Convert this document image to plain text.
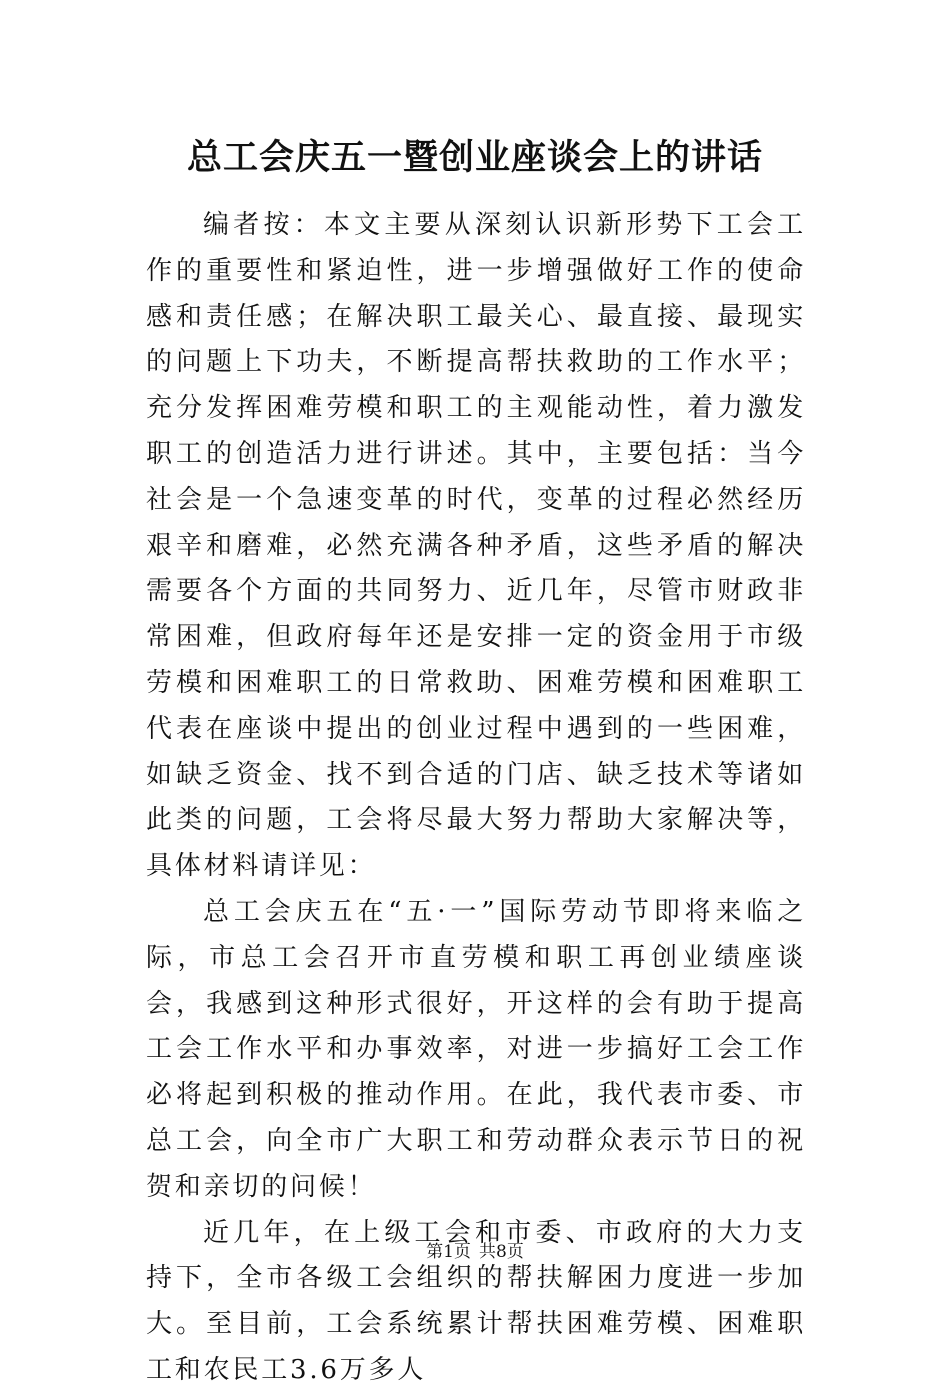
总工会庆五一暨创业座谈会上的讲话

编者按：本文主要从深刻认识新形势下工会工作的重要性和紧迫性，进一步增强做好工作的使命感和责任感；在解决职工最关心、最直接、最现实的问题上下功夫，不断提高帮扶救助的工作水平；充分发挥困难劳模和职工的主观能动性，着力激发职工的创造活力进行讲述。其中，主要包括：当今社会是一个急速变革的时代，变革的过程必然经历艰辛和磨难，必然充满各种矛盾，这些矛盾的解决需要各个方面的共同努力、近几年，尽管市财政非常困难，但政府每年还是安排一定的资金用于市级劳模和困难职工的日常救助、困难劳模和困难职工代表在座谈中提出的创业过程中遇到的一些困难，如缺乏资金、找不到合适的门店、缺乏技术等诸如此类的问题，工会将尽最大努力帮助大家解决等，具体材料请详见：

总工会庆五在“五·一”国际劳动节即将来临之际，市总工会召开市直劳模和职工再创业绩座谈会，我感到这种形式很好，开这样的会有助于提高工会工作水平和办事效率，对进一步搞好工会工作必将起到积极的推动作用。在此，我代表市委、市总工会，向全市广大职工和劳动群众表示节日的祝贺和亲切的问候！

近几年，在上级工会和市委、市政府的大力支持下，全市各级工会组织的帮扶解困力度进一步加大。至目前，工会系统累计帮扶困难劳模、困难职工和农民工3.6万多人

第1页 共8页
